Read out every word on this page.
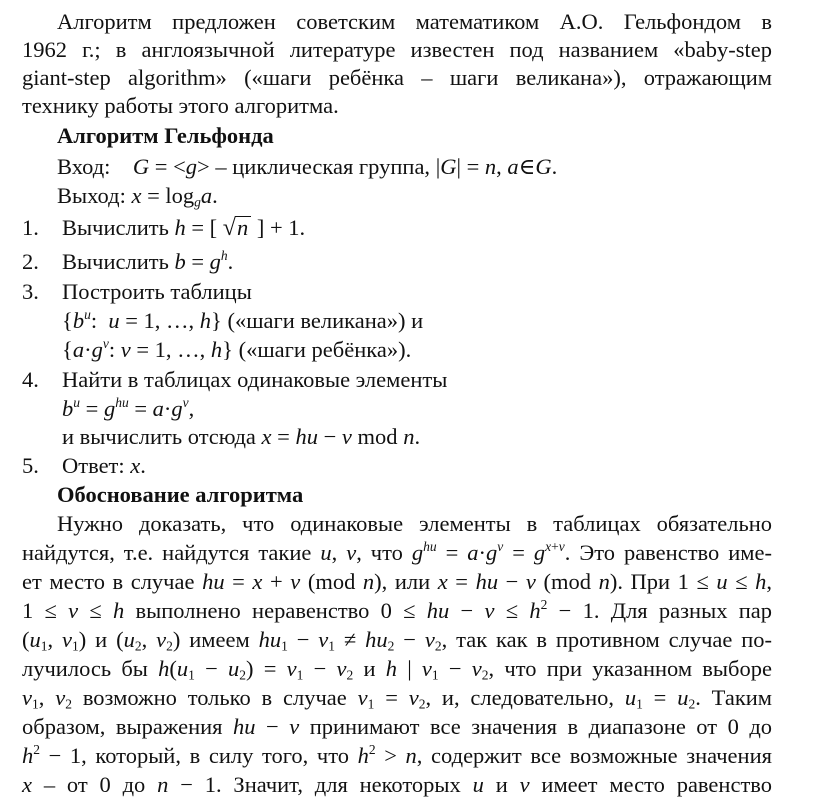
Алгоритм предложен советским математиком А.О. Гельфондом в
1962 г.; в англоязычной литературе известен под названием «baby-step
giant-step algorithm» («шаги ребёнка – шаги великана»), отражающим
технику работы этого алгоритма.
Алгоритм Гельфонда
Вход: G = <g> – циклическая группа, |G| = n, a∈G.
Выход: $x = \log_ga$.
1. Вычислить h = [ √n ] + 1.
2. Вычислить $b = g^h$.
3. Построить таблицы
{$b^u$:  u = 1, …, h} («шаги великана») и
{$a\cdot g^v$: v = 1, …, h} («шаги ребёнка»).
4. Найти в таблицах одинаковые элементы
$b^u = g^{hu} = a\cdot g^v$,
и вычислить отсюда x = hu − v mod n.
5. Ответ: x.
Обоснование алгоритма
Нужно доказать, что одинаковые элементы в таблицах обязательно
найдутся, т.е. найдутся такие u, v, что $g^{hu} = a\cdot g^v = g^{x+v}$. Это равенство име-
ет место в случае hu = x + v (mod n), или x = hu − v (mod n). При 1 ≤ u ≤ h,
1 ≤ v ≤ h выполнено неравенство 0 ≤ hu − $v \le h^2 - 1$. Для разных пар
($u_1$, $v_1$) и ($u_2$, $v_2$) имеем $hu_1 - v_1 \ne hu_2 - v_2$, так как в противном случае по-
лучилось бы $h(u_1 - u_2) = v_1 - v_2$ и h | $v_1 - v_2$, что при указанном выборе
$v_1$, $v_2$ возможно только в случае $v_1 = v_2$, и, следовательно, $u_1 = u_2$. Таким
образом, выражения hu − v принимают все значения в диапазоне от 0 до
$h^2 - 1$, который, в силу того, что $h^2 > n$, содержит все возможные значения
x – от 0 до n − 1. Значит, для некоторых u и v имеет место равенство
